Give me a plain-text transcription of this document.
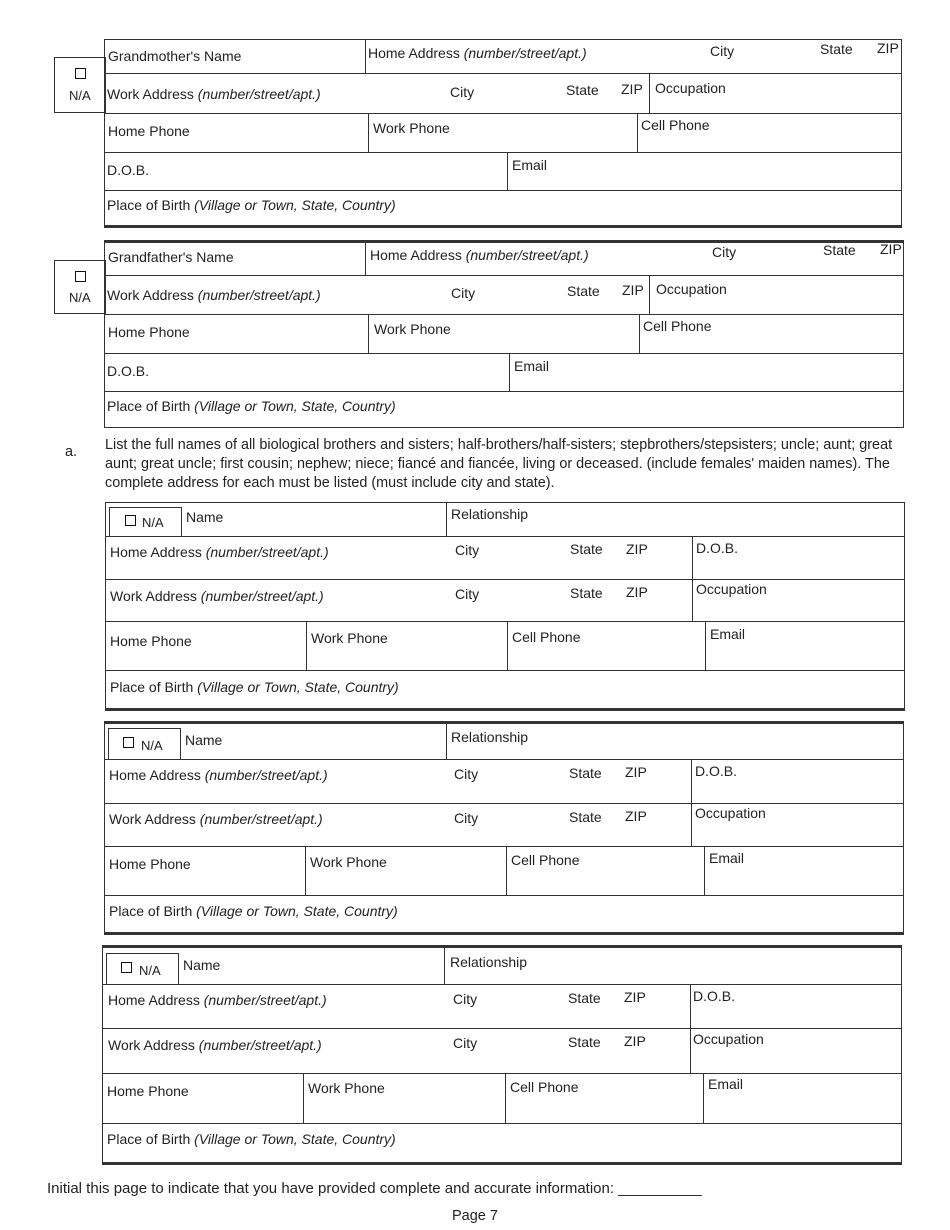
N/A
Grandmother's Name	Home Address (number/street/apt.)	City	State ZIP
Work Address (number/street/apt.)	City	State ZIP Occupation
Home Phone	Work Phone	Cell Phone
D.O.B.	Email
Place of Birth (Village or Town, State, Country)
N/A
Grandfather's Name	Home Address (number/street/apt.)	City	State ZIP
Work Address (number/street/apt.)	City	State ZIP Occupation
Home Phone	Work Phone	Cell Phone
D.O.B.	Email
Place of Birth (Village or Town, State, Country)
a. List the full names of all biological brothers and sisters; half-brothers/half-sisters; stepbrothers/stepsisters; uncle; aunt; great aunt; great uncle; first cousin; nephew; niece; fiancé and fiancée, living or deceased. (include females' maiden names). The complete address for each must be listed (must include city and state).
N/A Name	Relationship
Home Address (number/street/apt.)	City	State ZIP	D.O.B.
Work Address (number/street/apt.)	City	State ZIP	Occupation
Home Phone	Work Phone	Cell Phone	Email
Place of Birth (Village or Town, State, Country)
N/A Name	Relationship
Home Address (number/street/apt.)	City	State ZIP	D.O.B.
Work Address (number/street/apt.)	City	State ZIP	Occupation
Home Phone	Work Phone	Cell Phone	Email
Place of Birth (Village or Town, State, Country)
N/A Name	Relationship
Home Address (number/street/apt.)	City	State ZIP	D.O.B.
Work Address (number/street/apt.)	City	State ZIP	Occupation
Home Phone	Work Phone	Cell Phone	Email
Place of Birth (Village or Town, State, Country)
Initial this page to indicate that you have provided complete and accurate information: __________
Page 7
